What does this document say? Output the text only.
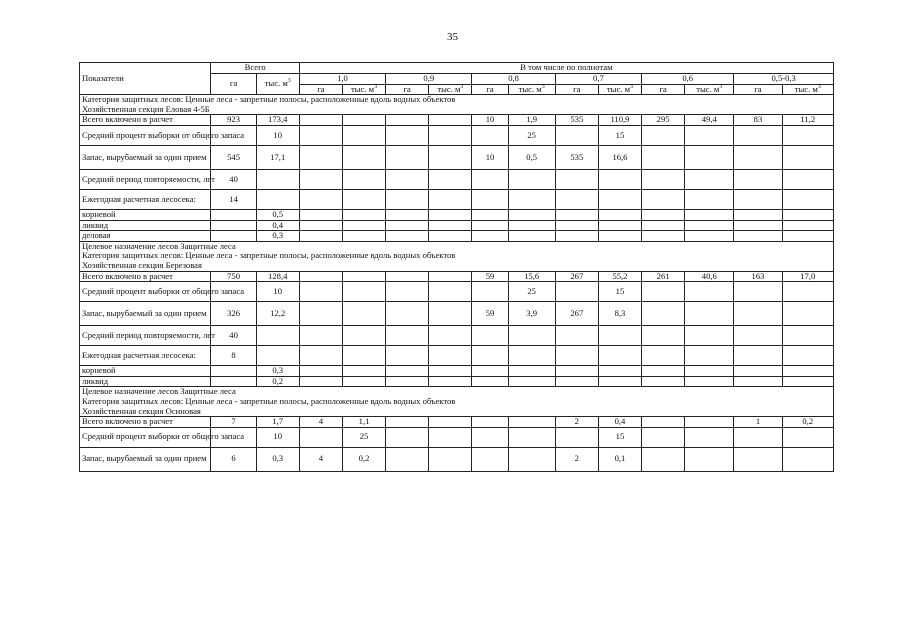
35
Показатели	Всего		В том числе по полнотам											
	га	тыс. $м^3$	1,0		0,9		0,8		0,7		0,6		0,5-0,3	
			га	тыс. $м^3$	га	тыс. $м^3$	га	тыс. $м^3$	га	тыс. $м^3$	га	тыс. $м^3$	га	тыс. $м^3$

Категория защитных лесов: Ценные леса - запретные полосы, расположенные вдоль водных объектов
Хозяйственная секция Еловая 4-5Б														

Всего включено в расчет	923	173,4					10	1,9	535	110,9	295	49,4	83	11,2
Средний процент выборки от общего запаса		10						25		15				
Запас, вырубаемый за один прием	545	17,1					10	0,5	535	16,6				
Средний период повторяемости, лет	40													
Ежегодная расчетная лесосека:	14													
корневой		0,5												
ликвид		0,4												
деловая		0,3												

Целевое назначение лесов Защитные леса
Категория защитных лесов: Ценные леса - запретные полосы, расположенные вдоль водных объектов
Хозяйственная секция Березовая														

Всего включено в расчет	750	128,4					59	15,6	267	55,2	261	40,6	163	17,0
Средний процент выборки от общего запаса		10						25		15				
Запас, вырубаемый за один прием	326	12,2					59	3,9	267	8,3				
Средний период повторяемости, лет	40													
Ежегодная расчетная лесосека:	8													
корневой		0,3												
ликвид		0,2												

Целевое назначение лесов Защитные леса
Категория защитных лесов: Ценные леса - запретные полосы, расположенные вдоль водных объектов
Хозяйственная секция Осиновая														

Всего включено в расчет	7	1,7	4	1,1					2	0,4			1	0,2
Средний процент выборки от общего запаса		10		25						15				
Запас, вырубаемый за один прием	6	0,3	4	0,2					2	0,1				
